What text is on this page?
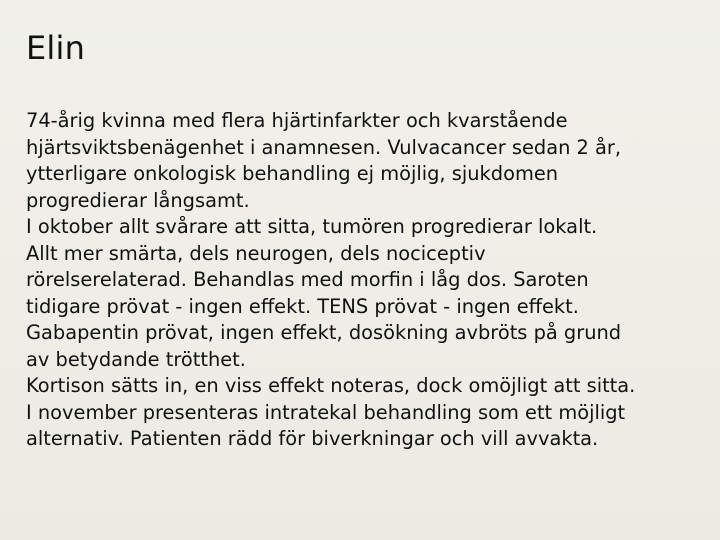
Elin
74-årig kvinna med flera hjärtinfarkter och kvarstående
hjärtsviktsbenägenhet i anamnesen. Vulvacancer sedan 2 år,
ytterligare onkologisk behandling ej möjlig, sjukdomen
progredierar långsamt.
I oktober allt svårare att sitta, tumören progredierar lokalt.
Allt mer smärta, dels neurogen, dels nociceptiv
rörelserelaterad. Behandlas med morfin i låg dos. Saroten
tidigare prövat - ingen effekt. TENS prövat - ingen effekt.
Gabapentin prövat, ingen effekt, dosökning avbröts på grund
av betydande trötthet.
Kortison sätts in, en viss effekt noteras, dock omöjligt att sitta.
I november presenteras intratekal behandling som ett möjligt
alternativ. Patienten rädd för biverkningar och vill avvakta.
